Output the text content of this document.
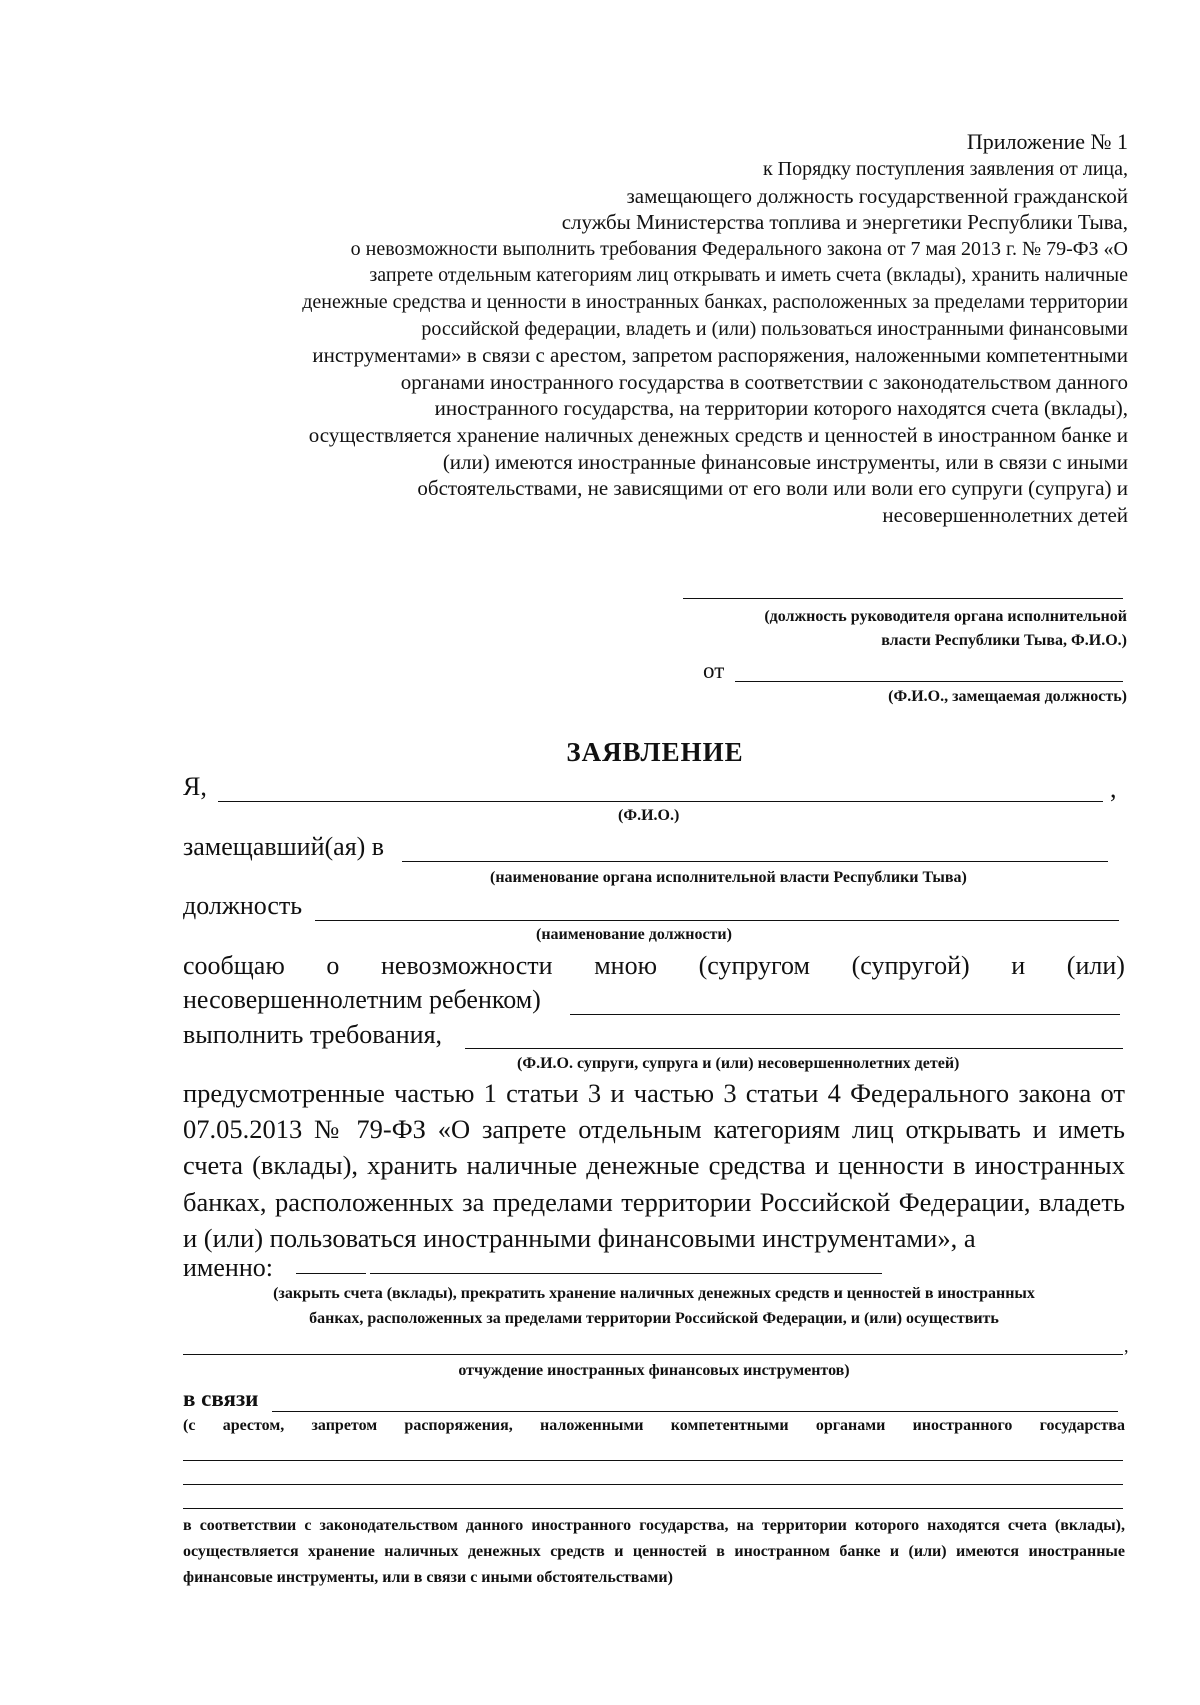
Приложение № 1
к Порядку поступления заявления от лица,
замещающего должность государственной гражданской
службы Министерства топлива и энергетики Республики Тыва,
о невозможности выполнить требования Федерального закона от 7 мая 2013 г. № 79-ФЗ «О
запрете отдельным категориям лиц открывать и иметь счета (вклады), хранить наличные
денежные средства и ценности в иностранных банках, расположенных за пределами территории
российской федерации, владеть и (или) пользоваться иностранными финансовыми
инструментами» в связи с арестом, запретом распоряжения, наложенными компетентными
органами иностранного государства в соответствии с законодательством данного
иностранного государства, на территории которого находятся счета (вклады),
осуществляется хранение наличных денежных средств и ценностей в иностранном банке и
(или) имеются иностранные финансовые инструменты, или в связи с иными
обстоятельствами, не зависящими от его воли или воли его супруги (супруга) и
несовершеннолетних детей
(должность руководителя органа исполнительной
власти Республики Тыва, Ф.И.О.)
от
(Ф.И.О., замещаемая должность)
ЗАЯВЛЕНИЕ
Я,	,
(Ф.И.О.)
замещавший(ая) в
(наименование органа исполнительной власти Республики Тыва)
должность
(наименование должности)
сообщаю о невозможности мною (супругом (супругой) и (или)
несовершеннолетним ребенком)
выполнить требования,
(Ф.И.О. супруги, супруга и (или) несовершеннолетних детей)
предусмотренные частью 1 статьи 3 и частью 3 статьи 4 Федерального закона от 07.05.2013 № 79-ФЗ «О запрете отдельным категориям лиц открывать и иметь счета (вклады), хранить наличные денежные средства и ценности в иностранных банках, расположенных за пределами территории Российской Федерации, владеть и (или) пользоваться иностранными финансовыми инструментами», а
именно:
(закрыть счета (вклады), прекратить хранение наличных денежных средств и ценностей в иностранных
банках, расположенных за пределами территории Российской Федерации, и (или) осуществить
,
отчуждение иностранных финансовых инструментов)
в связи
(с арестом, запретом распоряжения, наложенными компетентными органами иностранного государства
в соответствии с законодательством данного иностранного государства, на территории которого находятся счета (вклады), осуществляется хранение наличных денежных средств и ценностей в иностранном банке и (или) имеются иностранные финансовые инструменты, или в связи с иными обстоятельствами)
